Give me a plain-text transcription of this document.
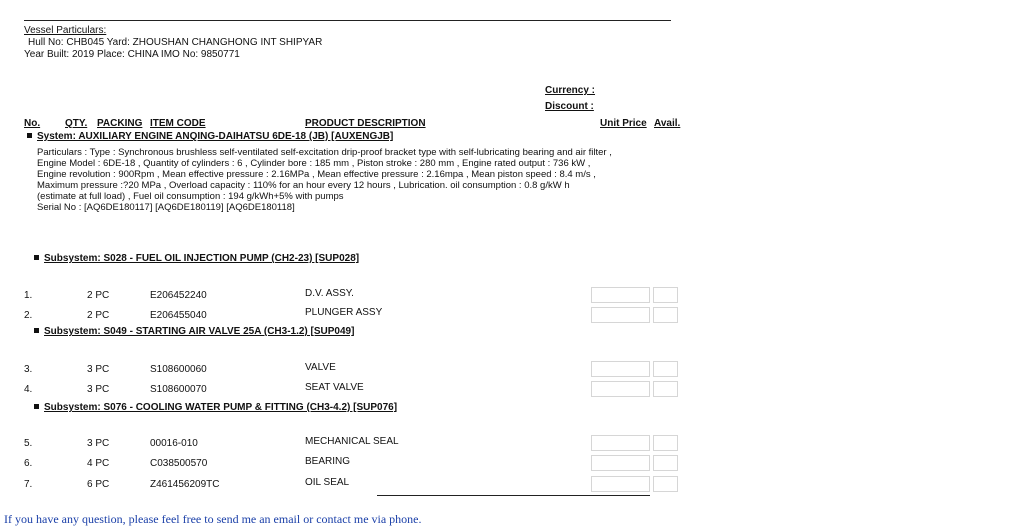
Vessel Particulars:
Hull No: CHB045 Yard: ZHOUSHAN CHANGHONG INT SHIPYAR
Year Built: 2019 Place: CHINA IMO No: 9850771
Currency :
Discount :
No. QTY. PACKING ITEM CODE	PRODUCT DESCRIPTION	Unit Price Avail.
System: AUXILIARY ENGINE ANQING-DAIHATSU 6DE-18 (JB) [AUXENGJB]
Particulars : Type : Synchronous brushless self-ventilated self-excitation drip-proof bracket type with self-lubricating bearing and air filter ,
Engine Model : 6DE-18 , Quantity of cylinders : 6 , Cylinder bore : 185 mm , Piston stroke : 280 mm , Engine rated output : 736 kW ,
Engine revolution : 900Rpm , Mean effective pressure : 2.16MPa , Mean effective pressure : 2.16mpa , Mean piston speed : 8.4 m/s ,
Maximum pressure :?20 MPa , Overload capacity : 110% for an hour every 12 hours , Lubrication. oil consumption : 0.8 g/kW h
(estimate at full load) , Fuel oil consumption : 194 g/kWh+5% with pumps
Serial No : [AQ6DE180117] [AQ6DE180119] [AQ6DE180118]
Subsystem: S028 - FUEL OIL INJECTION PUMP (CH2-23) [SUP028]
1.	2 PC	E206452240	D.V. ASSY.
2.	2 PC	E206455040	PLUNGER ASSY
Subsystem: S049 - STARTING AIR VALVE 25A (CH3-1.2) [SUP049]
3.	3 PC	S108600060	VALVE
4.	3 PC	S108600070	SEAT VALVE
Subsystem: S076 - COOLING WATER PUMP & FITTING (CH3-4.2) [SUP076]
5.	3 PC	00016-010	MECHANICAL SEAL
6.	4 PC	C038500570	BEARING
7.	6 PC	Z461456209TC	OIL SEAL
If you have any question, please feel free to send me an email or contact me via phone.
